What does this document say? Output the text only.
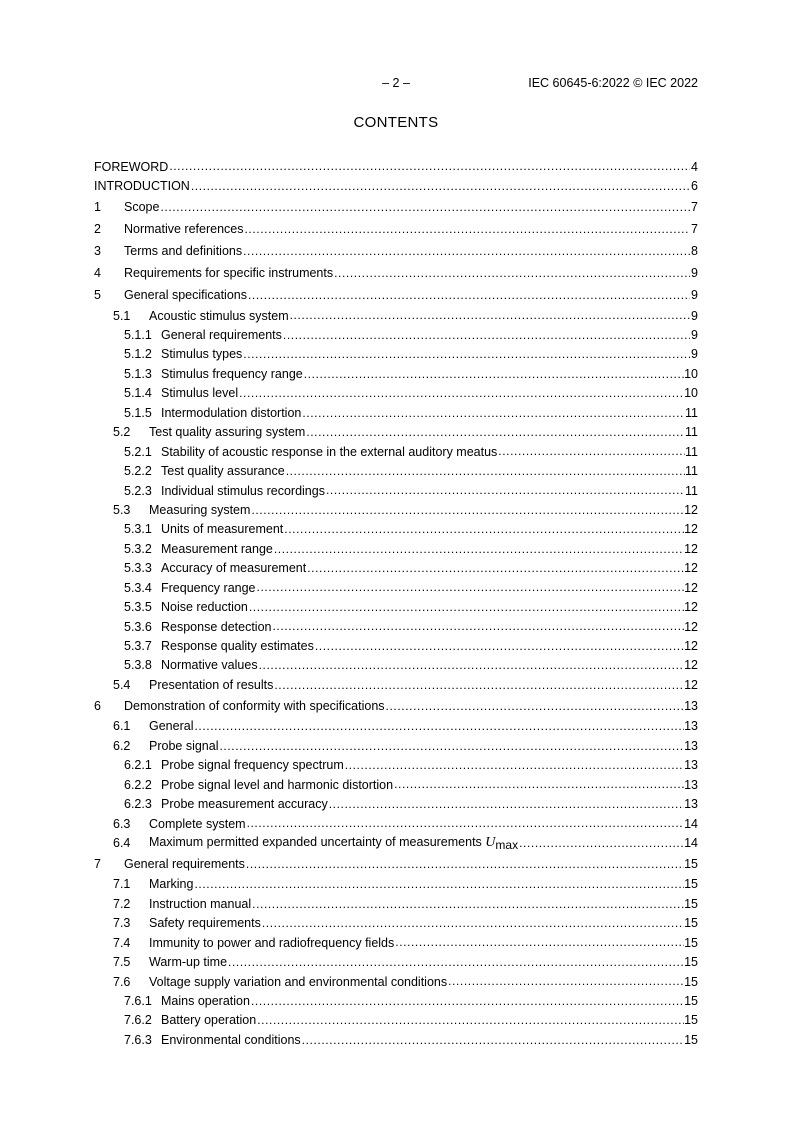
– 2 –	IEC 60645-6:2022 © IEC 2022
CONTENTS
FOREWORD .....	4
INTRODUCTION .....	6
1	Scope .....	7
2	Normative references .....	7
3	Terms and definitions .....	8
4	Requirements for specific instruments .....	9
5	General specifications .....	9
5.1	Acoustic stimulus system .....	9
5.1.1 General requirements .....	9
5.1.2 Stimulus types .....	9
5.1.3 Stimulus frequency range .....	10
5.1.4 Stimulus level .....	10
5.1.5 Intermodulation distortion .....	11
5.2	Test quality assuring system .....	11
5.2.1 Stability of acoustic response in the external auditory meatus .....	11
5.2.2 Test quality assurance .....	11
5.2.3 Individual stimulus recordings .....	11
5.3	Measuring system .....	12
5.3.1 Units of measurement .....	12
5.3.2 Measurement range .....	12
5.3.3 Accuracy of measurement .....	12
5.3.4 Frequency range .....	12
5.3.5 Noise reduction .....	12
5.3.6 Response detection .....	12
5.3.7 Response quality estimates .....	12
5.3.8 Normative values .....	12
5.4	Presentation of results .....	12
6	Demonstration of conformity with specifications .....	13
6.1	General .....	13
6.2	Probe signal .....	13
6.2.1 Probe signal frequency spectrum .....	13
6.2.2 Probe signal level and harmonic distortion .....	13
6.2.3 Probe measurement accuracy .....	13
6.3	Complete system .....	14
6.4	Maximum permitted expanded uncertainty of measurements Umax .....	14
7	General requirements .....	15
7.1	Marking .....	15
7.2	Instruction manual .....	15
7.3	Safety requirements .....	15
7.4	Immunity to power and radiofrequency fields .....	15
7.5	Warm-up time .....	15
7.6	Voltage supply variation and environmental conditions .....	15
7.6.1 Mains operation .....	15
7.6.2 Battery operation .....	15
7.6.3 Environmental conditions .....	15
